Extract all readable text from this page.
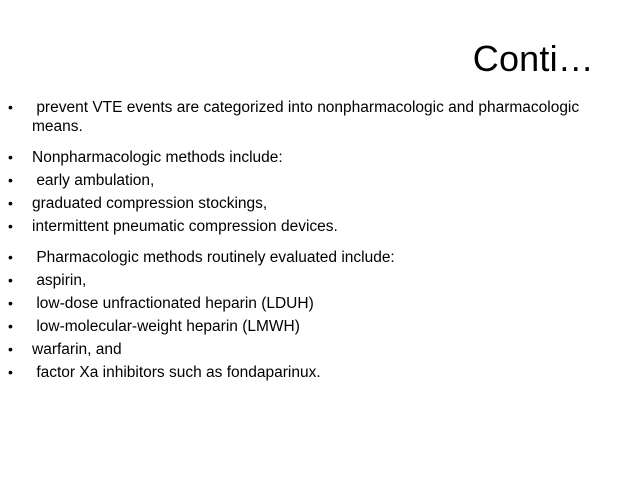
Conti…
•	prevent VTE events are categorized into nonpharmacologic and pharmacologic means.
•	Nonpharmacologic methods include:
•	early ambulation,
•	graduated compression stockings,
•	intermittent pneumatic compression devices.
•	Pharmacologic methods routinely evaluated include:
•	aspirin,
•	low-dose unfractionated heparin (LDUH)
•	low-molecular-weight heparin (LMWH)
•	warfarin, and
•	factor Xa inhibitors such as fondaparinux.
